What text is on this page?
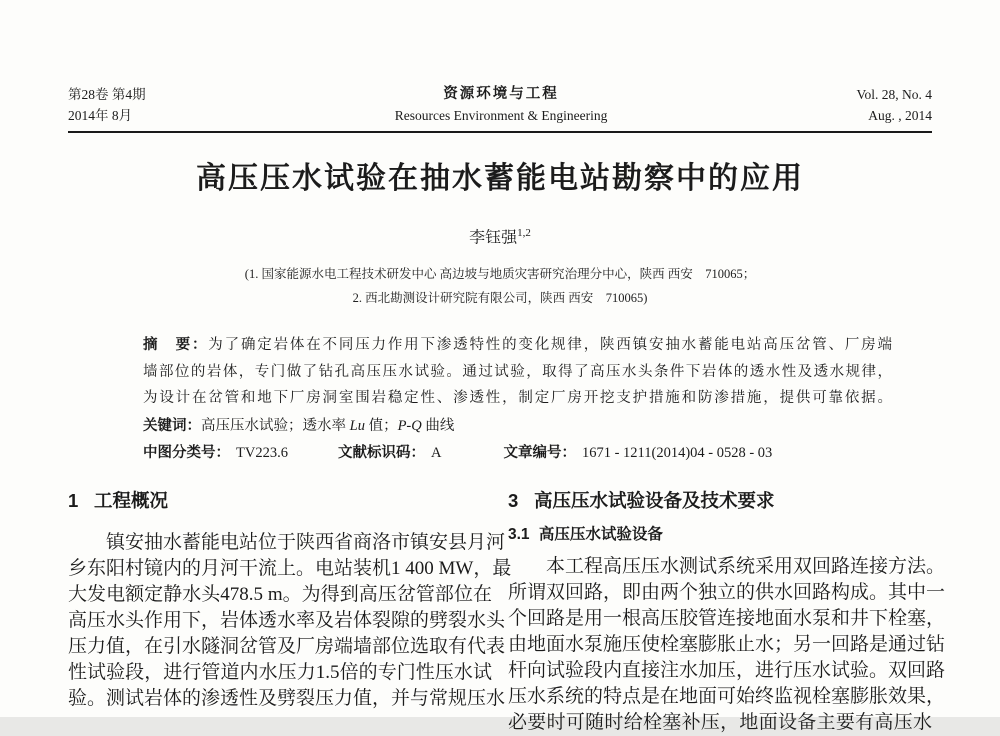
第28卷 第4期
2014年 8月
资源环境与工程
Resources Environment & Engineering
Vol. 28, No. 4
Aug. , 2014
高压压水试验在抽水蓄能电站勘察中的应用
李钰强$^{1,2}$
(1. 国家能源水电工程技术研发中心 高边坡与地质灾害研究治理分中心，陕西 西安　710065；
2. 西北勘测设计研究院有限公司，陕西 西安　710065)
摘　要：为了确定岩体在不同压力作用下渗透特性的变化规律，陕西镇安抽水蓄能电站高压岔管、厂房端
墙部位的岩体，专门做了钻孔高压压水试验。通过试验，取得了高压水头条件下岩体的透水性及透水规律，
为设计在岔管和地下厂房洞室围岩稳定性、渗透性，制定厂房开挖支护措施和防渗措施，提供可靠依据。
关键词：高压压水试验；透水率 Lu 值；P-Q 曲线
中图分类号： TV223.6	文献标识码： A	文章编号： 1671 - 1211(2014)04 - 0528 - 03
1 工程概况
镇安抽水蓄能电站位于陕西省商洛市镇安县月河
乡东阳村镜内的月河干流上。电站装机1 400 MW，最
大发电额定静水头478.5 m。为得到高压岔管部位在
高压水头作用下，岩体透水率及岩体裂隙的劈裂水头
压力值，在引水隧洞岔管及厂房端墙部位选取有代表
性试验段，进行管道内水压力1.5倍的专门性压水试
验。测试岩体的渗透性及劈裂压力值，并与常规压水
3 高压压水试验设备及技术要求
3.1 高压压水试验设备
本工程高压压水测试系统采用双回路连接方法。
所谓双回路，即由两个独立的供水回路构成。其中一
个回路是用一根高压胶管连接地面水泵和井下栓塞，
由地面水泵施压使栓塞膨胀止水；另一回路是通过钻
杆向试验段内直接注水加压，进行压水试验。双回路
压水系统的特点是在地面可始终监视栓塞膨胀效果，
必要时可随时给栓塞补压，地面设备主要有高压水
